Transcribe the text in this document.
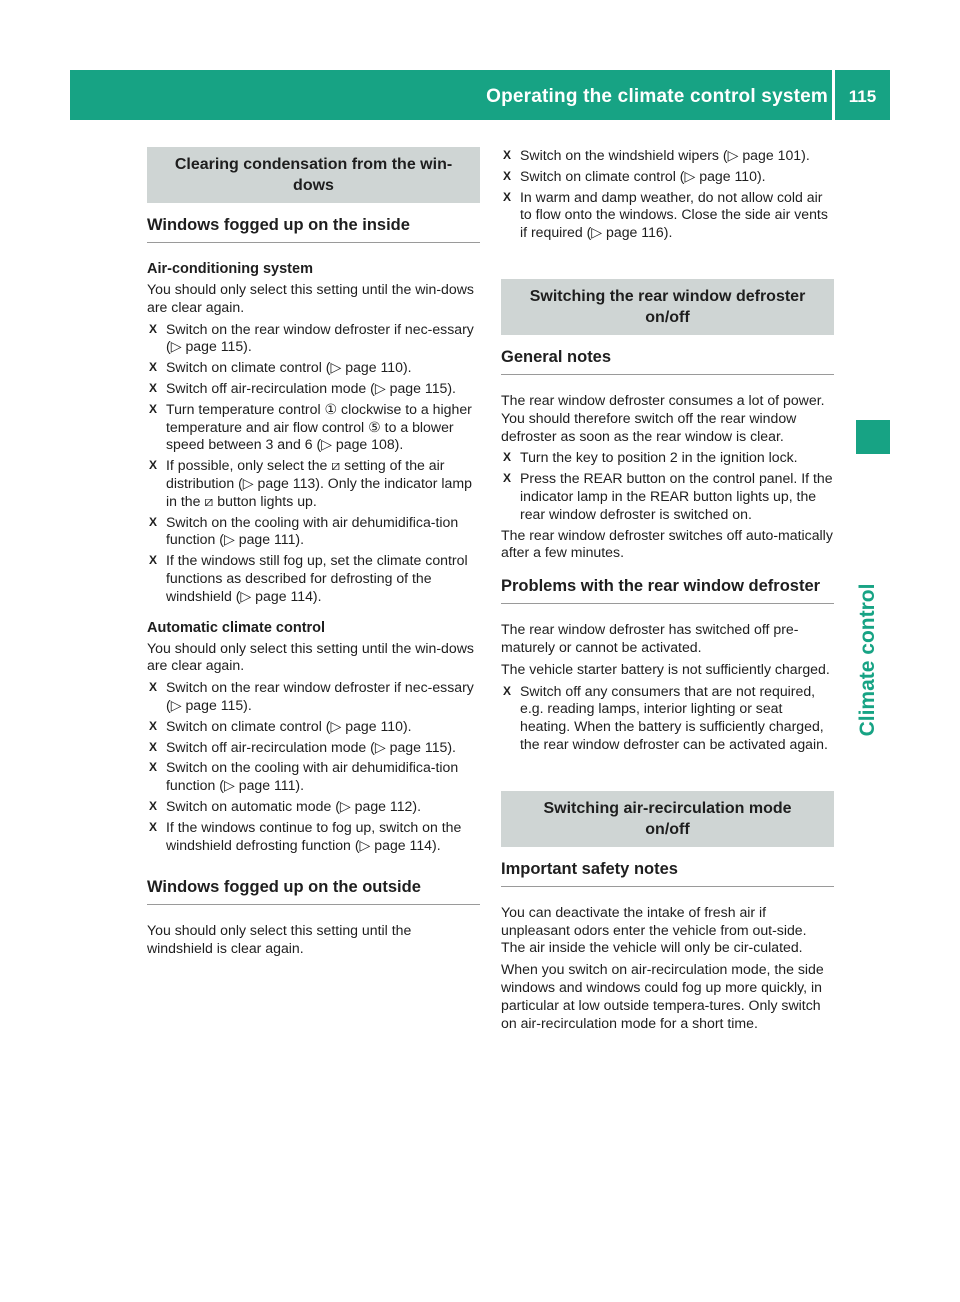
Operating the climate control system	115
Climate control
Clearing condensation from the win-dows
Windows fogged up on the inside
Air-conditioning system

You should only select this setting until the win-dows are clear again.

X Switch on the rear window defroster if nec-essary (▷ page 115).
X Switch on climate control (▷ page 110).
X Switch off air-recirculation mode (▷ page 115).
X Turn temperature control ① clockwise to a higher temperature and air flow control ⑤ to a blower speed between 3 and 6 (▷ page 108).
X If possible, only select the ⧄ setting of the air distribution (▷ page 113). Only the indicator lamp in the ⧄ button lights up.
X Switch on the cooling with air dehumidifica-tion function (▷ page 111).
X If the windows still fog up, set the climate control functions as described for defrosting of the windshield (▷ page 114).
Automatic climate control

You should only select this setting until the win-dows are clear again.

X Switch on the rear window defroster if nec-essary (▷ page 115).
X Switch on climate control (▷ page 110).
X Switch off air-recirculation mode (▷ page 115).
X Switch on the cooling with air dehumidifica-tion function (▷ page 111).
X Switch on automatic mode (▷ page 112).
X If the windows continue to fog up, switch on the windshield defrosting function (▷ page 114).
Windows fogged up on the outside

You should only select this setting until the windshield is clear again.

X Switch on the windshield wipers (▷ page 101).
X Switch on climate control (▷ page 110).
X In warm and damp weather, do not allow cold air to flow onto the windows. Close the side air vents if required (▷ page 116).
Switching the rear window defroster on/off
General notes

The rear window defroster consumes a lot of power. You should therefore switch off the rear window defroster as soon as the rear window is clear.

X Turn the key to position 2 in the ignition lock.
X Press the REAR button on the control panel. If the indicator lamp in the REAR button lights up, the rear window defroster is switched on.

The rear window defroster switches off auto-matically after a few minutes.

Problems with the rear window defroster

The rear window defroster has switched off pre-maturely or cannot be activated.

The vehicle starter battery is not sufficiently charged.

X Switch off any consumers that are not required, e.g. reading lamps, interior lighting or seat heating. When the battery is sufficiently charged, the rear window defroster can be activated again.
Switching air-recirculation mode on/off
Important safety notes

You can deactivate the intake of fresh air if unpleasant odors enter the vehicle from out-side. The air inside the vehicle will only be cir-culated.

When you switch on air-recirculation mode, the side windows and windows could fog up more quickly, in particular at low outside tempera-tures. Only switch on air-recirculation mode for a short time.
